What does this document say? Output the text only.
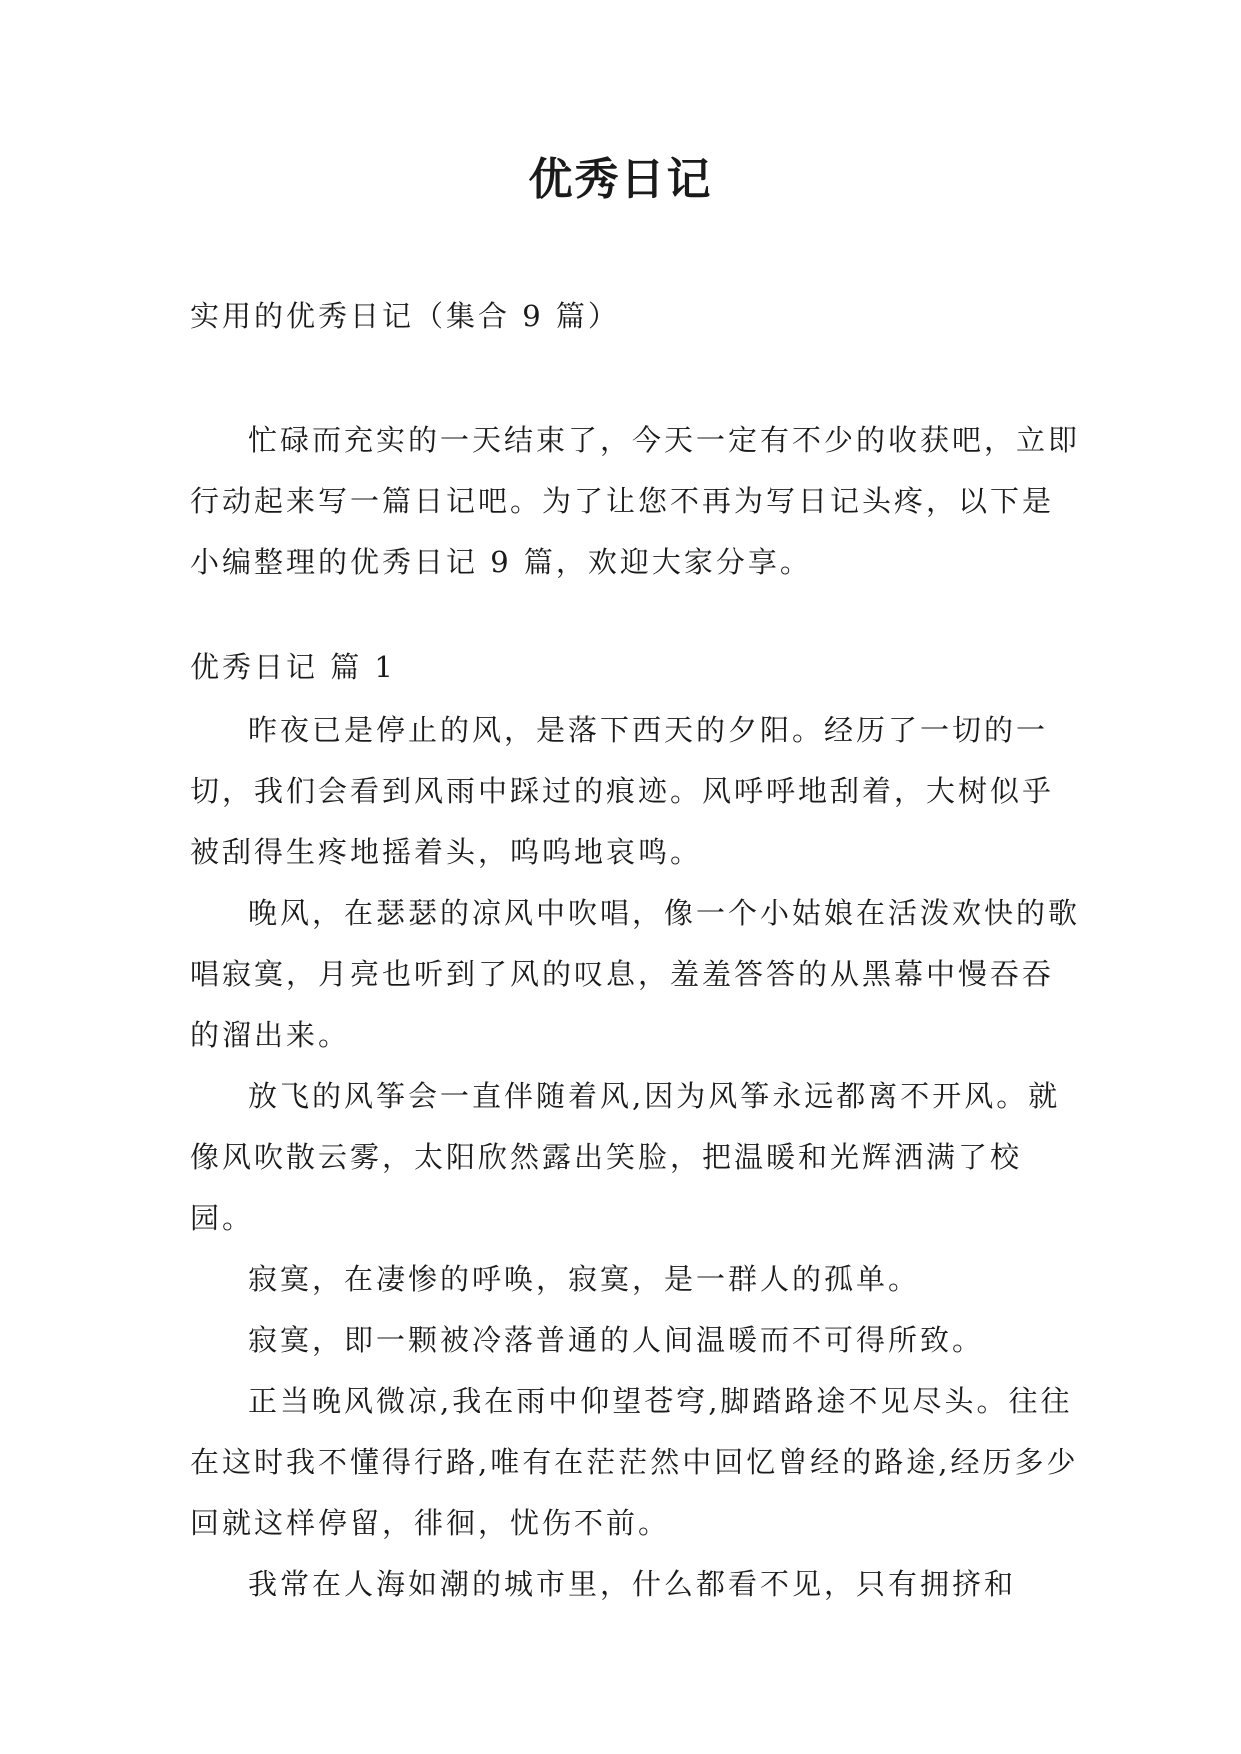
优秀日记
实用的优秀日记（集合 9 篇）

忙碌而充实的一天结束了，今天一定有不少的收获吧，立即行动起来写一篇日记吧。为了让您不再为写日记头疼，以下是小编整理的优秀日记 9 篇，欢迎大家分享。

优秀日记 篇 1

昨夜已是停止的风，是落下西天的夕阳。经历了一切的一切，我们会看到风雨中踩过的痕迹。风呼呼地刮着，大树似乎被刮得生疼地摇着头，呜呜地哀鸣。

晚风，在瑟瑟的凉风中吹唱，像一个小姑娘在活泼欢快的歌唱寂寞，月亮也听到了风的叹息，羞羞答答的从黑幕中慢吞吞的溜出来。

放飞的风筝会一直伴随着风,因为风筝永远都离不开风。就像风吹散云雾，太阳欣然露出笑脸，把温暖和光辉洒满了校园。

寂寞，在凄惨的呼唤，寂寞，是一群人的孤单。

寂寞，即一颗被冷落普通的人间温暖而不可得所致。

正当晚风微凉,我在雨中仰望苍穹,脚踏路途不见尽头。往往在这时我不懂得行路,唯有在茫茫然中回忆曾经的路途,经历多少回就这样停留，徘徊，忧伤不前。

我常在人海如潮的城市里，什么都看不见，只有拥挤和
